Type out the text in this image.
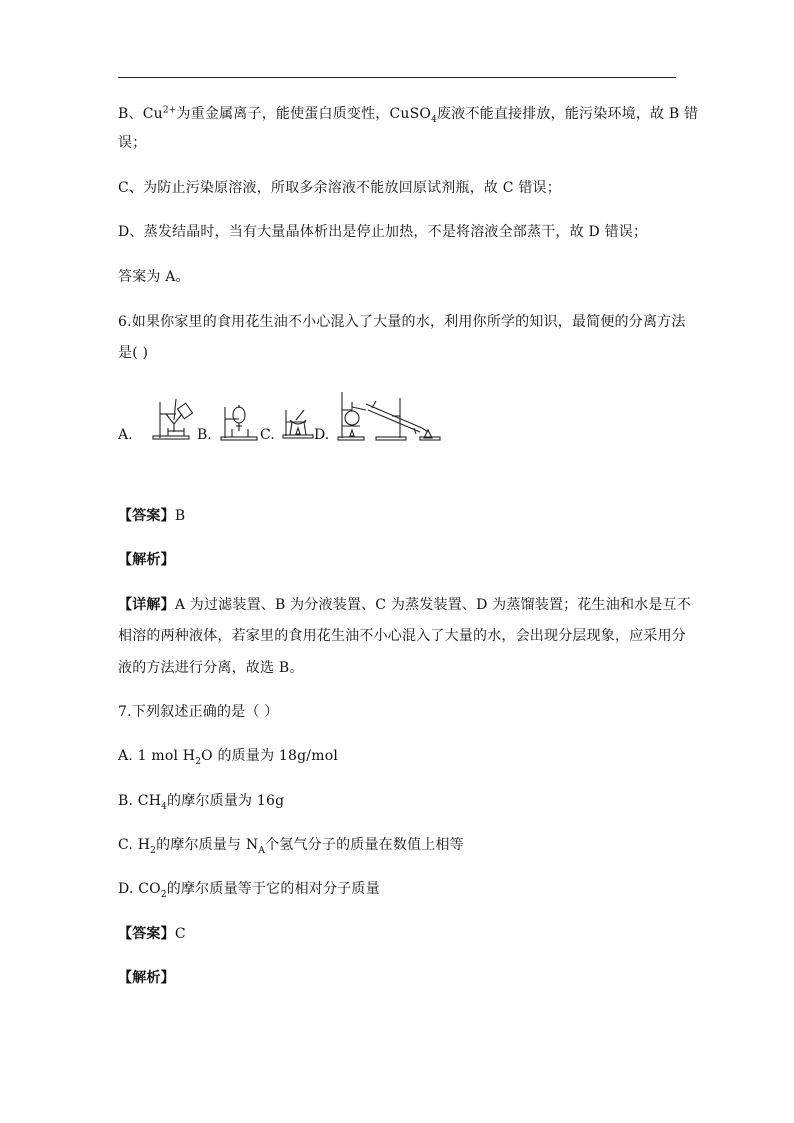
B、$Cu^{2+}$为重金属离子，能使蛋白质变性，CuSO$_4$废液不能直接排放，能污染环境，故 B 错
误；
C、为防止污染原溶液，所取多余溶液不能放回原试剂瓶，故 C 错误；
D、蒸发结晶时，当有大量晶体析出是停止加热，不是将溶液全部蒸干，故 D 错误；
答案为 A。
6.如果你家里的食用花生油不小心混入了大量的水，利用你所学的知识，最简便的分离方法
是( )
A.	B.	C.	D.
【答案】B
【解析】
【详解】A 为过滤装置、B 为分液装置、C 为蒸发装置、D 为蒸馏装置；花生油和水是互不
相溶的两种液体，若家里的食用花生油不小心混入了大量的水，会出现分层现象，应采用分
液的方法进行分离，故选 B。
7.下列叙述正确的是（ ）
A. 1 mol $H_2O$ 的质量为 18g/mol
B. $CH_4$的摩尔质量为 16g
C. $H_2$的摩尔质量与 $N_A$个氢气分子的质量在数值上相等
D. $CO_2$的摩尔质量等于它的相对分子质量
【答案】C
【解析】
